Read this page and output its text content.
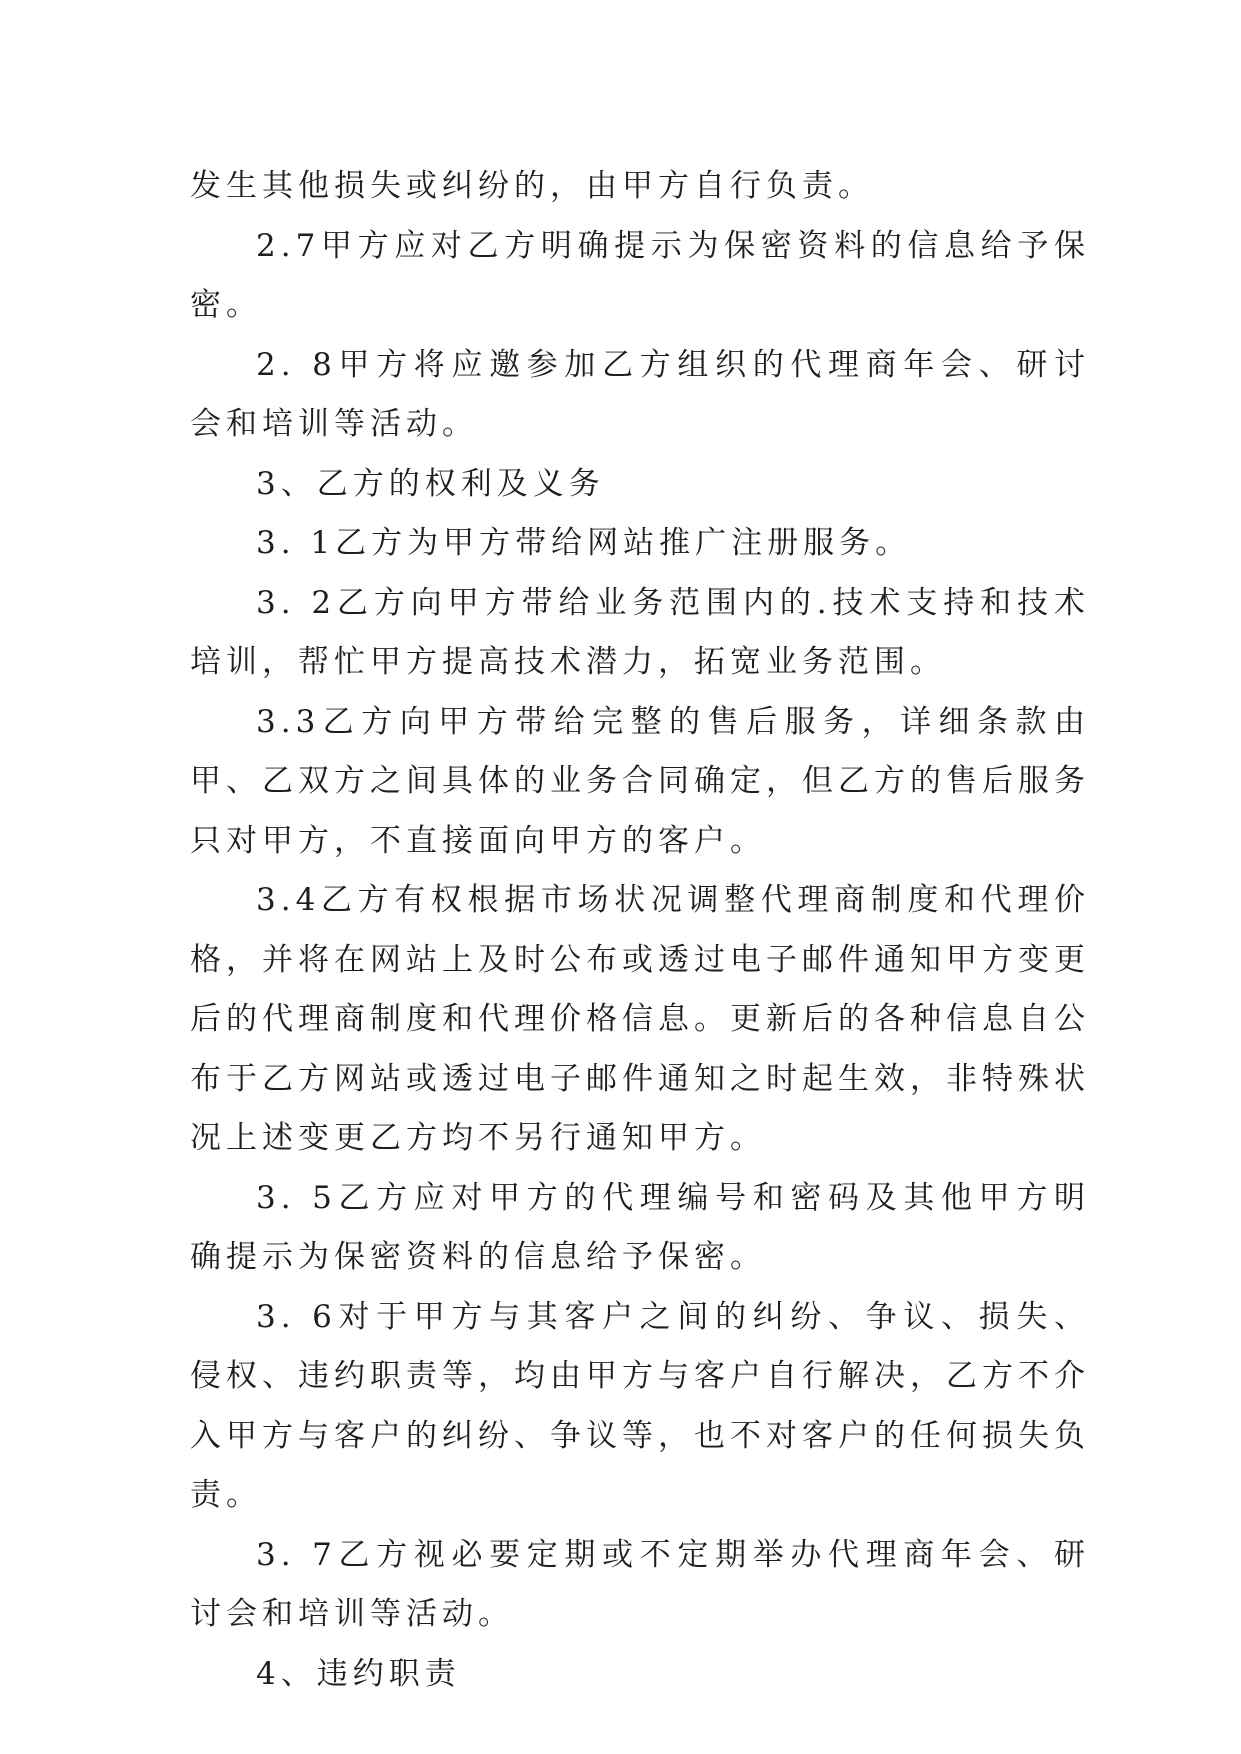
发生其他损失或纠纷的，由甲方自行负责。

2.7甲方应对乙方明确提示为保密资料的信息给予保密。

2. 8甲方将应邀参加乙方组织的代理商年会、研讨会和培训等活动。

3、乙方的权利及义务

3. 1乙方为甲方带给网站推广注册服务。

3. 2乙方向甲方带给业务范围内的.技术支持和技术培训，帮忙甲方提高技术潜力，拓宽业务范围。

3.3乙方向甲方带给完整的售后服务，详细条款由甲、乙双方之间具体的业务合同确定，但乙方的售后服务只对甲方，不直接面向甲方的客户。

3.4乙方有权根据市场状况调整代理商制度和代理价格，并将在网站上及时公布或透过电子邮件通知甲方变更后的代理商制度和代理价格信息。更新后的各种信息自公布于乙方网站或透过电子邮件通知之时起生效，非特殊状况上述变更乙方均不另行通知甲方。

3. 5乙方应对甲方的代理编号和密码及其他甲方明确提示为保密资料的信息给予保密。

3. 6对于甲方与其客户之间的纠纷、争议、损失、侵权、违约职责等，均由甲方与客户自行解决，乙方不介入甲方与客户的纠纷、争议等，也不对客户的任何损失负责。

3. 7乙方视必要定期或不定期举办代理商年会、研讨会和培训等活动。

4、违约职责
